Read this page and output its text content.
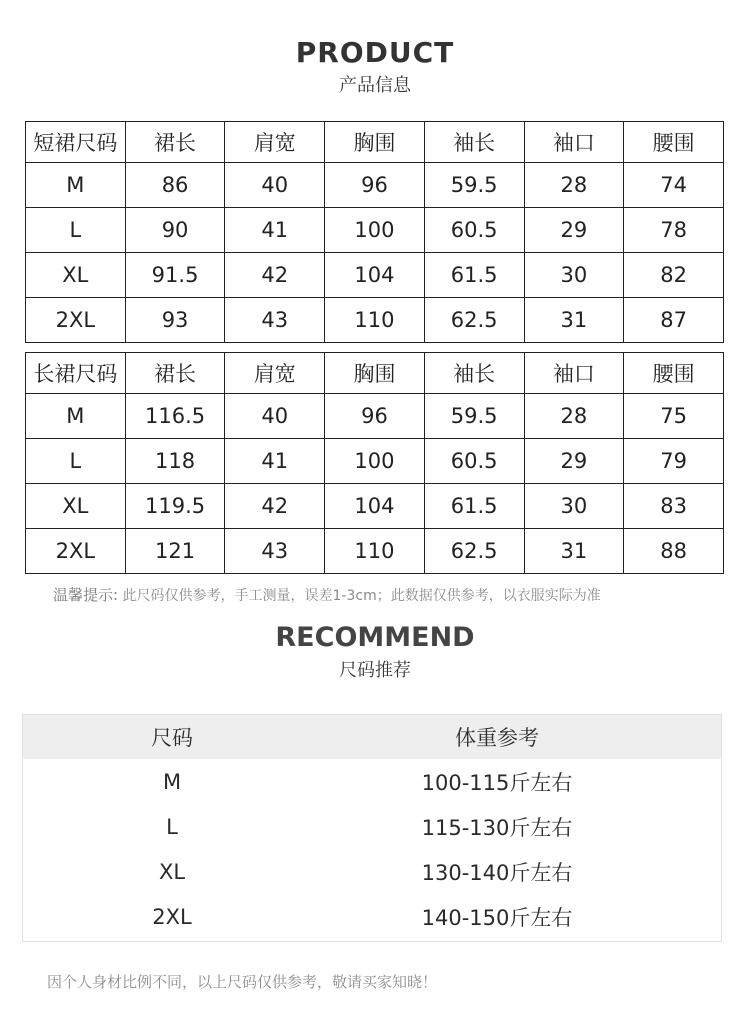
PRODUCT
产品信息
短裙尺码	裙长	肩宽	胸围	袖长	袖口	腰围
M	86	40	96	59.5	28	74
L	90	41	100	60.5	29	78
XL	91.5	42	104	61.5	30	82
2XL	93	43	110	62.5	31	87
长裙尺码	裙长	肩宽	胸围	袖长	袖口	腰围
M	116.5	40	96	59.5	28	75
L	118	41	100	60.5	29	79
XL	119.5	42	104	61.5	30	83
2XL	121	43	110	62.5	31	88
温馨提示: 此尺码仅供参考，手工测量，误差1-3cm；此数据仅供参考，以衣服实际为准
RECOMMEND
尺码推荐
尺码	体重参考
M	100-115斤左右
L	115-130斤左右
XL	130-140斤左右
2XL	140-150斤左右
因个人身材比例不同，以上尺码仅供参考，敬请买家知晓！
